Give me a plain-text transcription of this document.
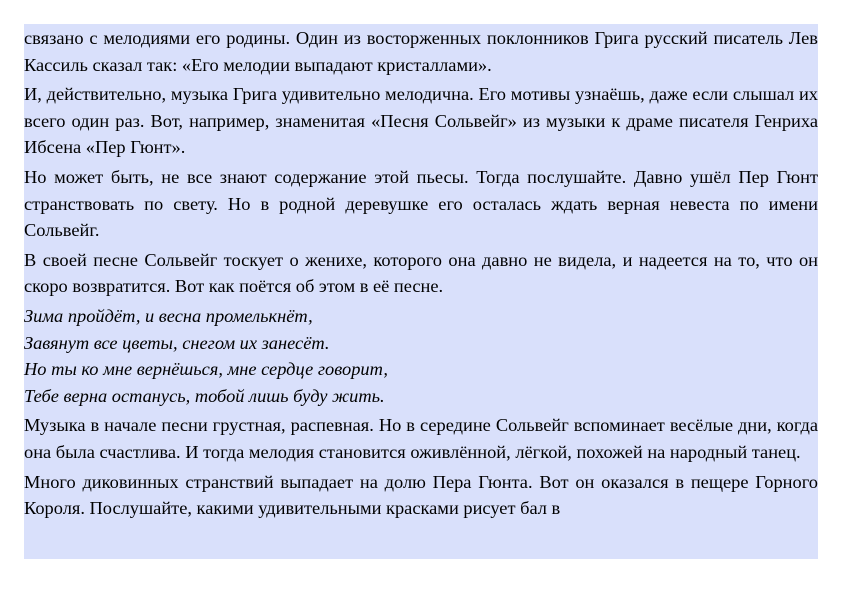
связано с мелодиями его родины. Один из восторженных поклонников Грига русский писатель Лев Кассиль сказал так: «Его мелодии выпадают кристаллами».

И, действительно, музыка Грига удивительно мелодична. Его мотивы узнаёшь, даже если слышал их всего один раз. Вот, например, знаменитая «Песня Сольвейг» из музыки к драме писателя Генриха Ибсена «Пер Гюнт».

Но может быть, не все знают содержание этой пьесы. Тогда послушайте. Давно ушёл Пер Гюнт странствовать по свету. Но в родной деревушке его осталась ждать верная невеста по имени Сольвейг.

В своей песне Сольвейг тоскует о женихе, которого она давно не видела, и надеется на то, что он скоро возвратится. Вот как поётся об этом в её песне.

Зима пройдёт, и весна промелькнёт,
Завянут все цветы, снегом их занесёт.
Но ты ко мне вернёшься, мне сердце говорит,
Тебе верна останусь, тобой лишь буду жить.

Музыка в начале песни грустная, распевная. Но в середине Сольвейг вспоминает весёлые дни, когда она была счастлива. И тогда мелодия становится оживлённой, лёгкой, похожей на народный танец.

Много диковинных странствий выпадает на долю Пера Гюнта. Вот он оказался в пещере Горного Короля. Послушайте, какими удивительными красками рисует бал в
